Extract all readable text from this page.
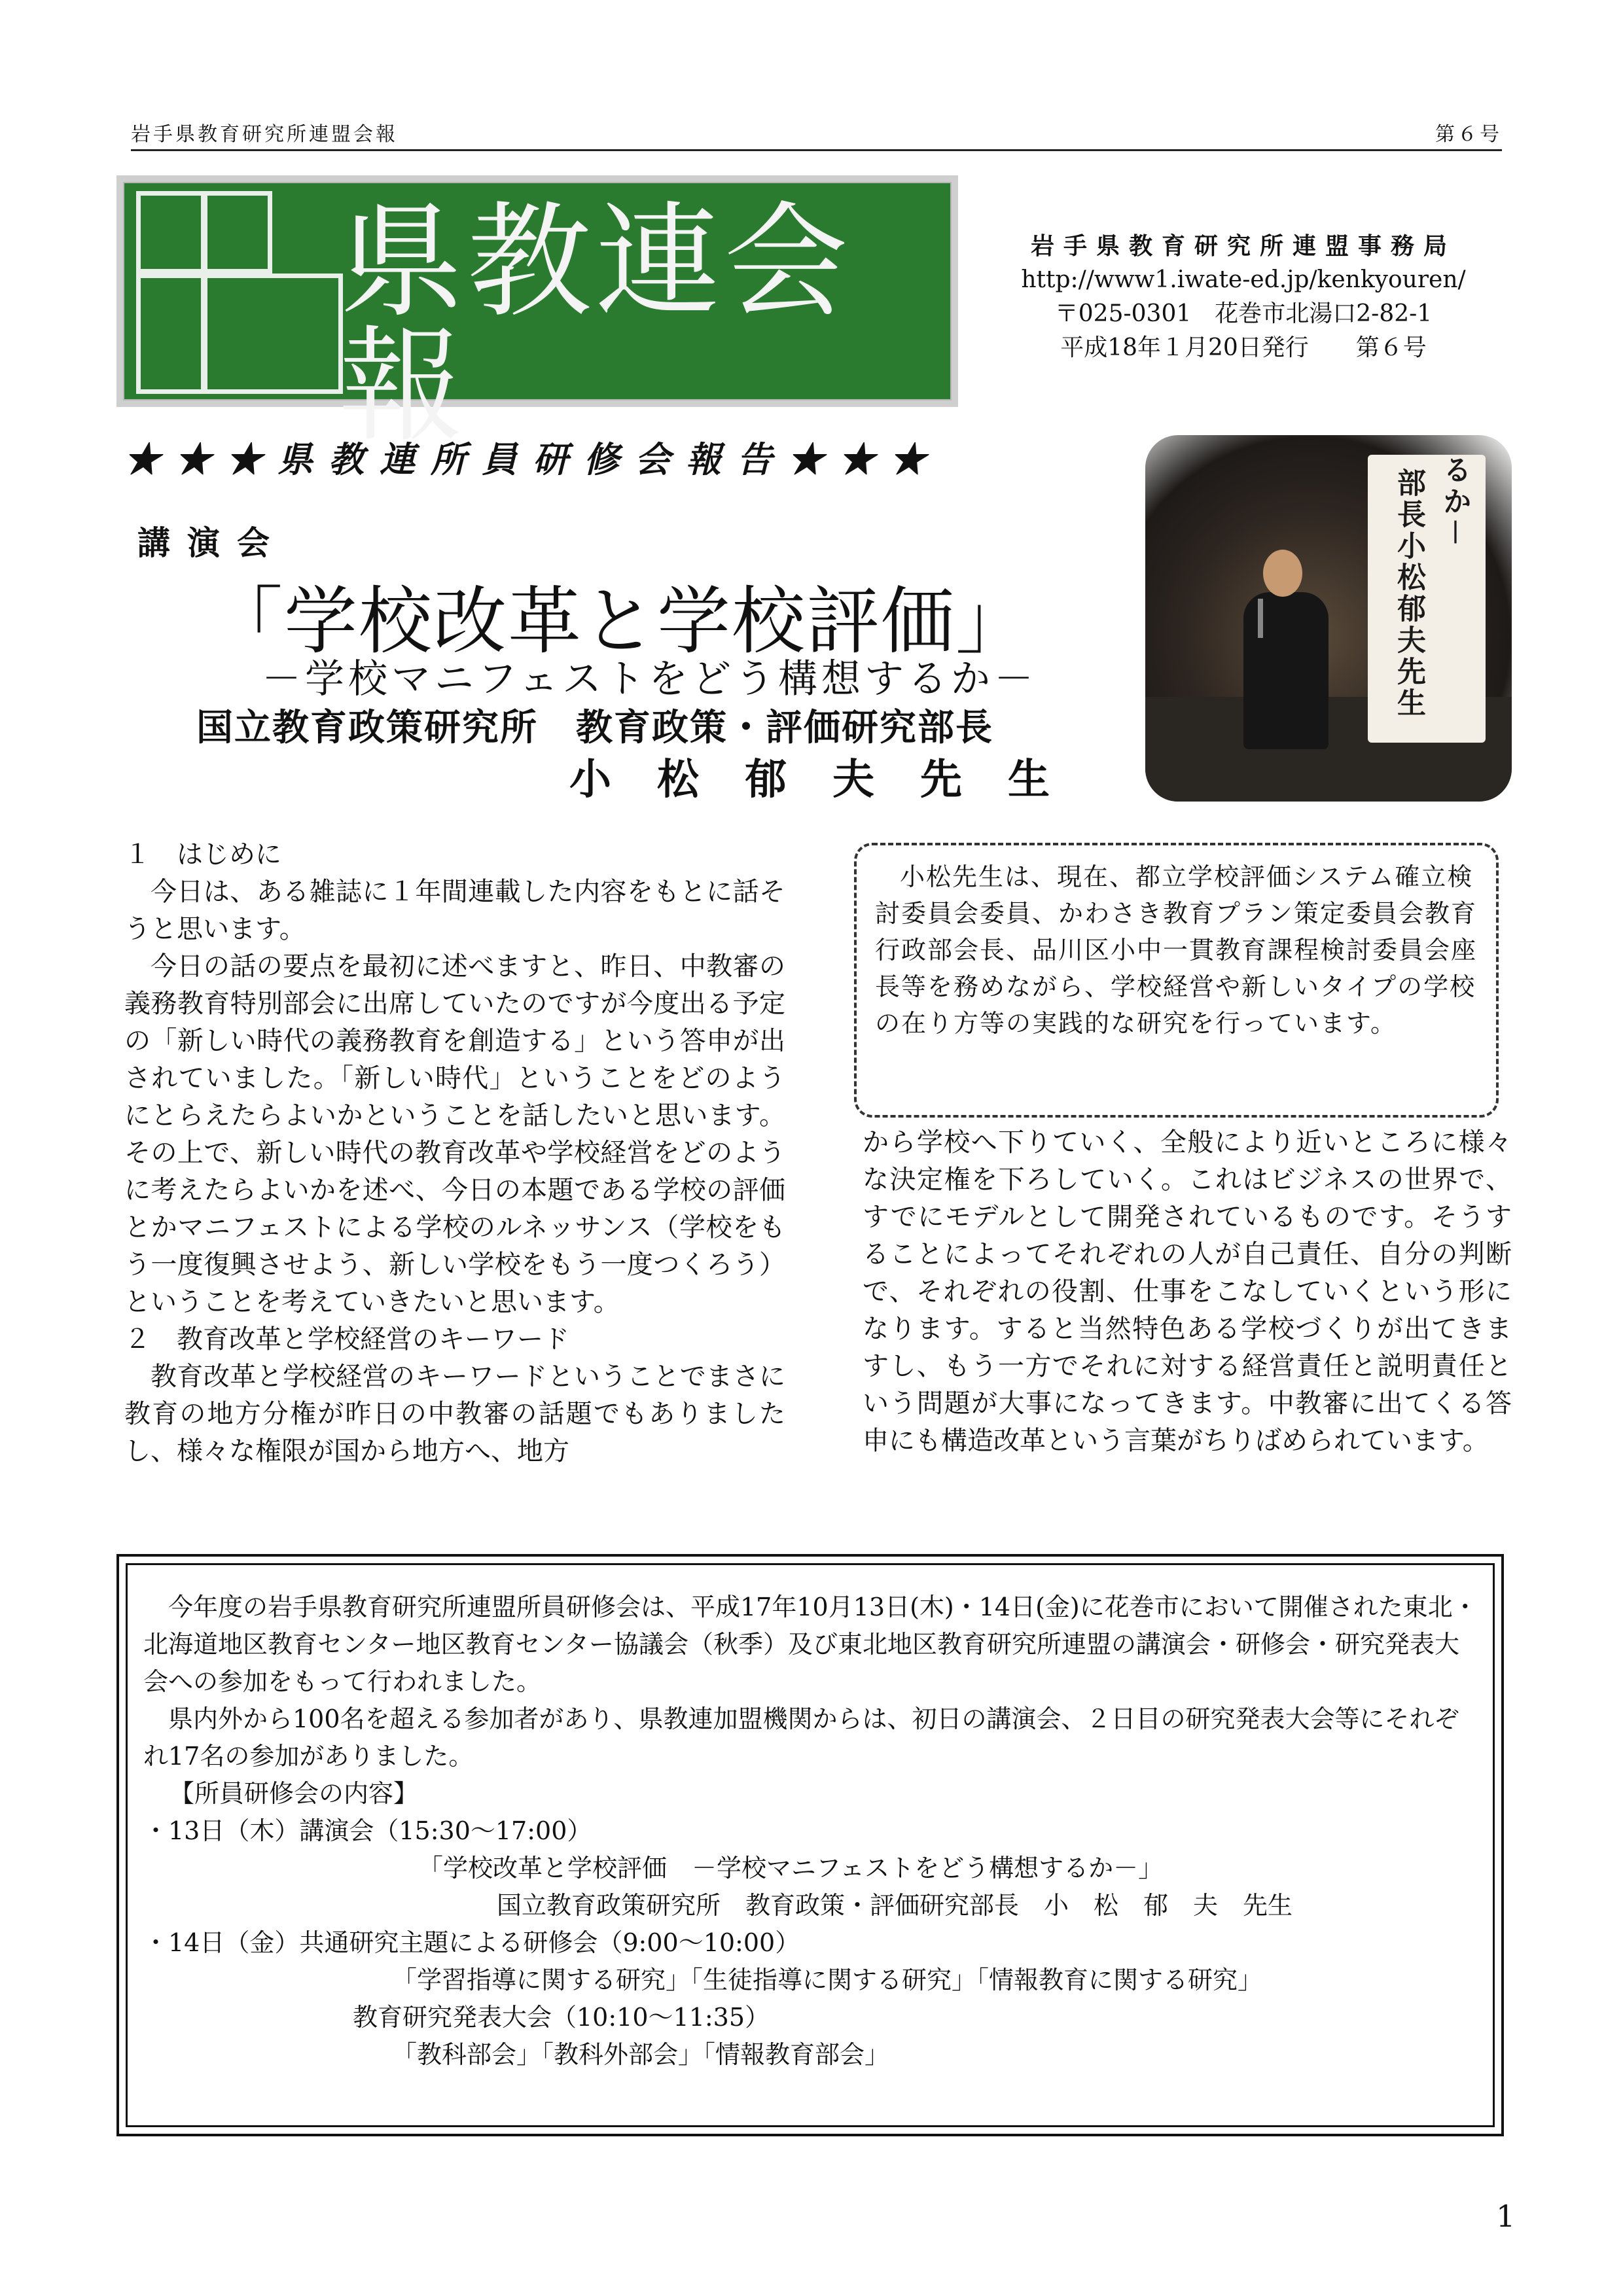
岩手県教育研究所連盟会報	第６号
県教連会報
岩手県教育研究所連盟事務局
http://www1.iwate-ed.jp/kenkyouren/
〒025-0301　花巻市北湯口2-82-1
平成18年１月20日発行　　第６号
★★★県教連所員研修会報告★★★
講演会
「学校改革と学校評価」
－学校マニフェストをどう構想するか－
国立教育政策研究所　教育政策・評価研究部長
小松郁夫先生
部長小松郁夫先生 るか－

１　はじめに

今日は、ある雑誌に１年間連載した内容をもとに話そうと思います。

今日の話の要点を最初に述べますと、昨日、中教審の義務教育特別部会に出席していたのですが今度出る予定の「新しい時代の義務教育を創造する」という答申が出されていました。「新しい時代」ということをどのようにとらえたらよいかということを話したいと思います。その上で、新しい時代の教育改革や学校経営をどのように考えたらよいかを述べ、今日の本題である学校の評価とかマニフェストによる学校のルネッサンス（学校をもう一度復興させよう、新しい学校をもう一度つくろう）ということを考えていきたいと思います。

２　教育改革と学校経営のキーワード

教育改革と学校経営のキーワードということでまさに教育の地方分権が昨日の中教審の話題でもありましたし、様々な権限が国から地方へ、地方

小松先生は、現在、都立学校評価システム確立検討委員会委員、かわさき教育プラン策定委員会教育行政部会長、品川区小中一貫教育課程検討委員会座長等を務めながら、学校経営や新しいタイプの学校の在り方等の実践的な研究を行っています。

から学校へ下りていく、全般により近いところに様々な決定権を下ろしていく。これはビジネスの世界で、すでにモデルとして開発されているものです。そうすることによってそれぞれの人が自己責任、自分の判断で、それぞれの役割、仕事をこなしていくという形になります。すると当然特色ある学校づくりが出てきますし、もう一方でそれに対する経営責任と説明責任という問題が大事になってきます。中教審に出てくる答申にも構造改革という言葉がちりばめられています。

今年度の岩手県教育研究所連盟所員研修会は、平成17年10月13日(木)・14日(金)に花巻市において開催された東北・北海道地区教育センター地区教育センター協議会（秋季）及び東北地区教育研究所連盟の講演会・研修会・研究発表大会への参加をもって行われました。
県内外から100名を超える参加者があり、県教連加盟機関からは、初日の講演会、２日目の研究発表大会等にそれぞれ17名の参加がありました。
【所員研修会の内容】
・13日（木）講演会（15:30～17:00）
「学校改革と学校評価　－学校マニフェストをどう構想するか－」
国立教育政策研究所　教育政策・評価研究部長　小　松　郁　夫　先生
・14日（金）共通研究主題による研修会（9:00～10:00）
「学習指導に関する研究」「生徒指導に関する研究」「情報教育に関する研究」
教育研究発表大会（10:10～11:35）
「教科部会」「教科外部会」「情報教育部会」
1
